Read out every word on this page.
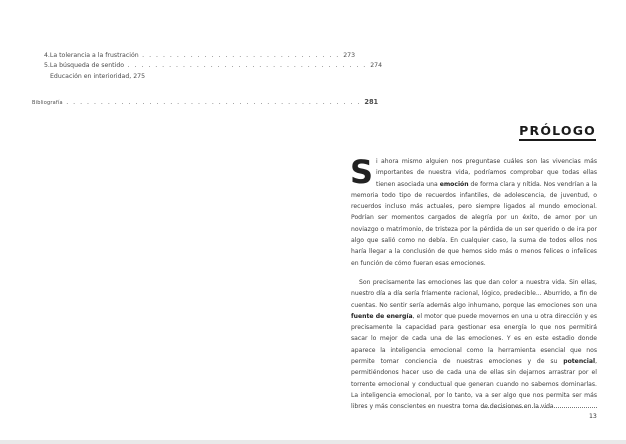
4.La tolerancia a la frustración . . . . . . . . . . . . . . . . . . . . . . . . . . . . . 273
5.La búsqueda de sentido . . . . . . . . . . . . . . . . . . . . . . . . . . . . . . . . . . . 274
Educación en interioridad, 275
Bibliografía . . . . . . . . . . . . . . . . . . . . . . . . . . . . . . . . . . . . . . . . . . . 281
PRÓLOGO

Si ahora mismo alguien nos preguntase cuáles son las vivencias más importantes de nuestra vida, podríamos comprobar que todas ellas tienen asociada una emoción de forma clara y nítida. Nos vendrían a la memoria todo tipo de recuerdos infantiles, de adolescencia, de juventud, o recuerdos incluso más actuales, pero siempre ligados al mundo emocional. Podrían ser momentos cargados de alegría por un éxito, de amor por un noviazgo o matrimonio, de tristeza por la pérdida de un ser querido o de ira por algo que salió como no debía. En cualquier caso, la suma de todos ellos nos haría llegar a la conclusión de que hemos sido más o menos felices o infelices en función de cómo fueran esas emociones.

Son precisamente las emociones las que dan color a nuestra vida. Sin ellas, nuestro día a día sería fríamente racional, lógico, predecible... Aburrido, a fin de cuentas. No sentir sería además algo inhumano, porque las emociones son una fuente de energía, el motor que puede movernos en una u otra dirección y es precisamente la capacidad para gestionar esa energía lo que nos permitirá sacar lo mejor de cada una de las emociones. Y es en este estadio donde aparece la inteligencia emocional como la herramienta esencial que nos permite tomar conciencia de nuestras emociones y de su potencial, permitiéndonos hacer uso de cada una de ellas sin dejarnos arrastrar por el torrente emocional y conductual que generan cuando no sabemos dominarlas. La inteligencia emocional, por lo tanto, va a ser algo que nos permita ser más libres y más conscientes en nuestra toma de decisiones en la vida.

13
